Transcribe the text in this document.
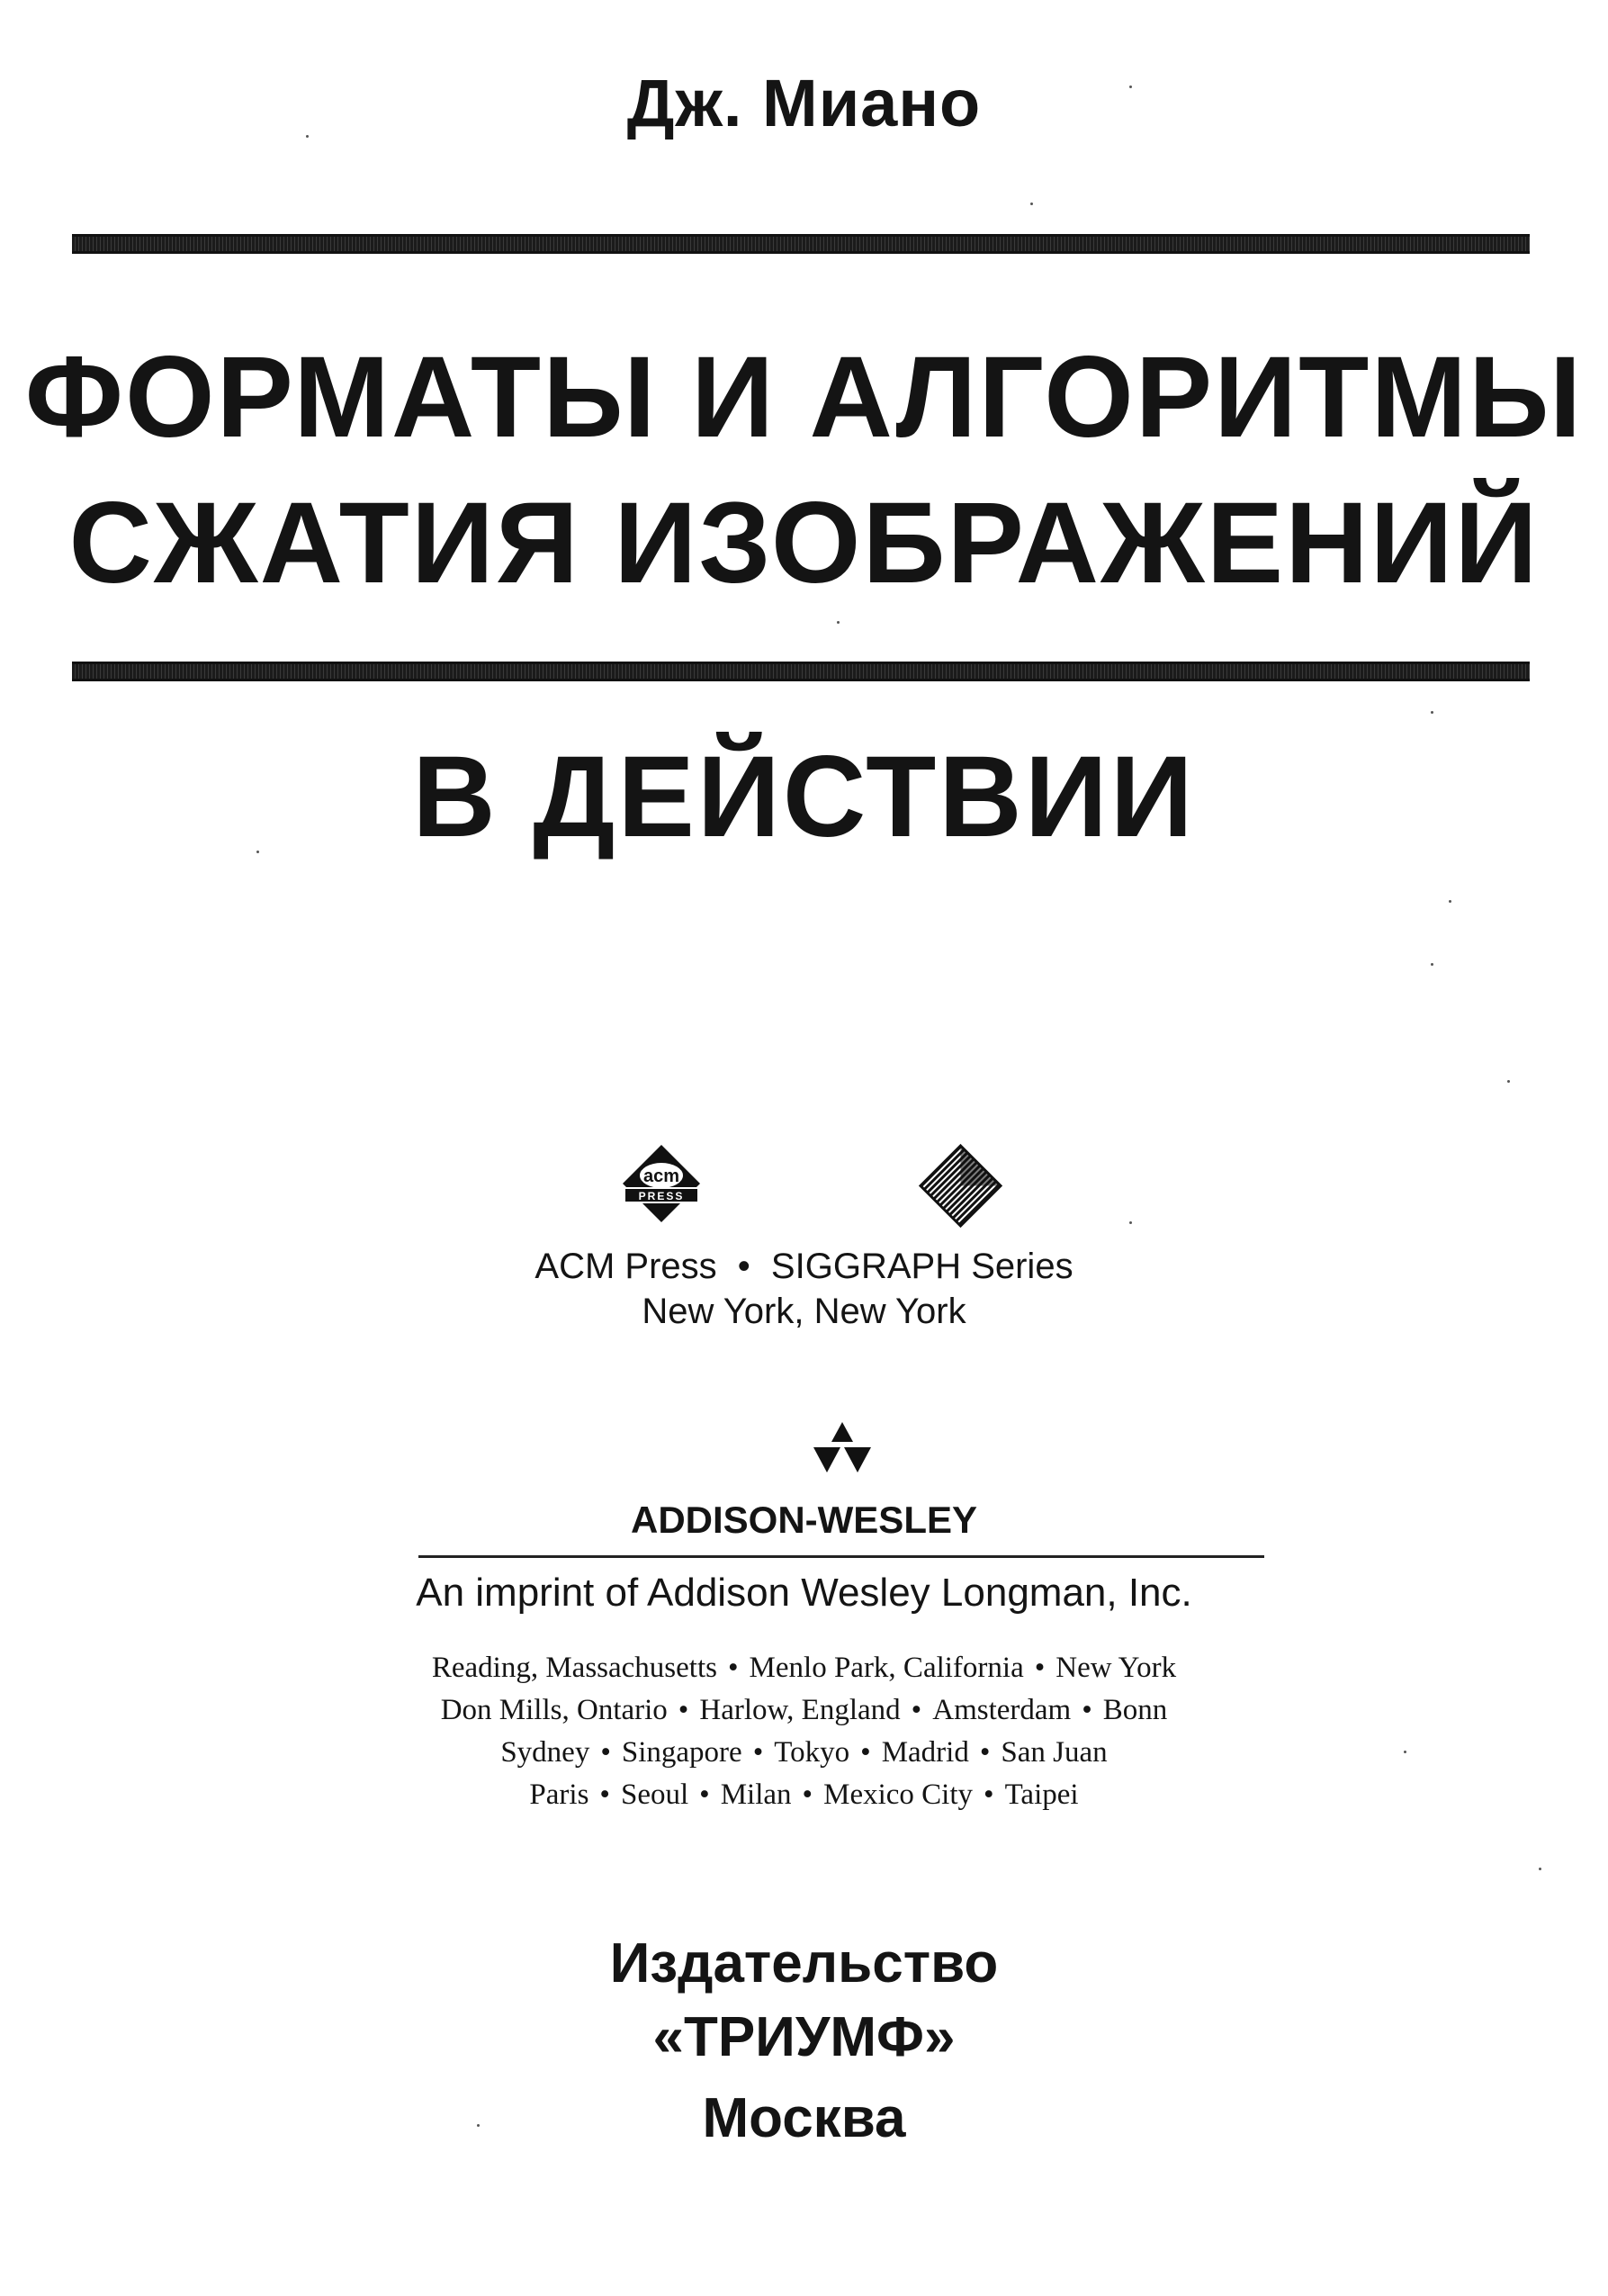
Дж. Миано
ФОРМАТЫ И АЛГОРИТМЫ
СЖАТИЯ ИЗОБРАЖЕНИЙ
В ДЕЙСТВИИ
acm
PRESS
ACM Press • SIGGRAPH Series
New York, New York
ADDISON-WESLEY
An imprint of Addison Wesley Longman, Inc.
Reading, Massachusetts • Menlo Park, California • New York
Don Mills, Ontario • Harlow, England • Amsterdam • Bonn
Sydney • Singapore • Tokyo • Madrid • San Juan
Paris • Seoul • Milan • Mexico City • Taipei
Издательство
«ТРИУМФ»
Москва
